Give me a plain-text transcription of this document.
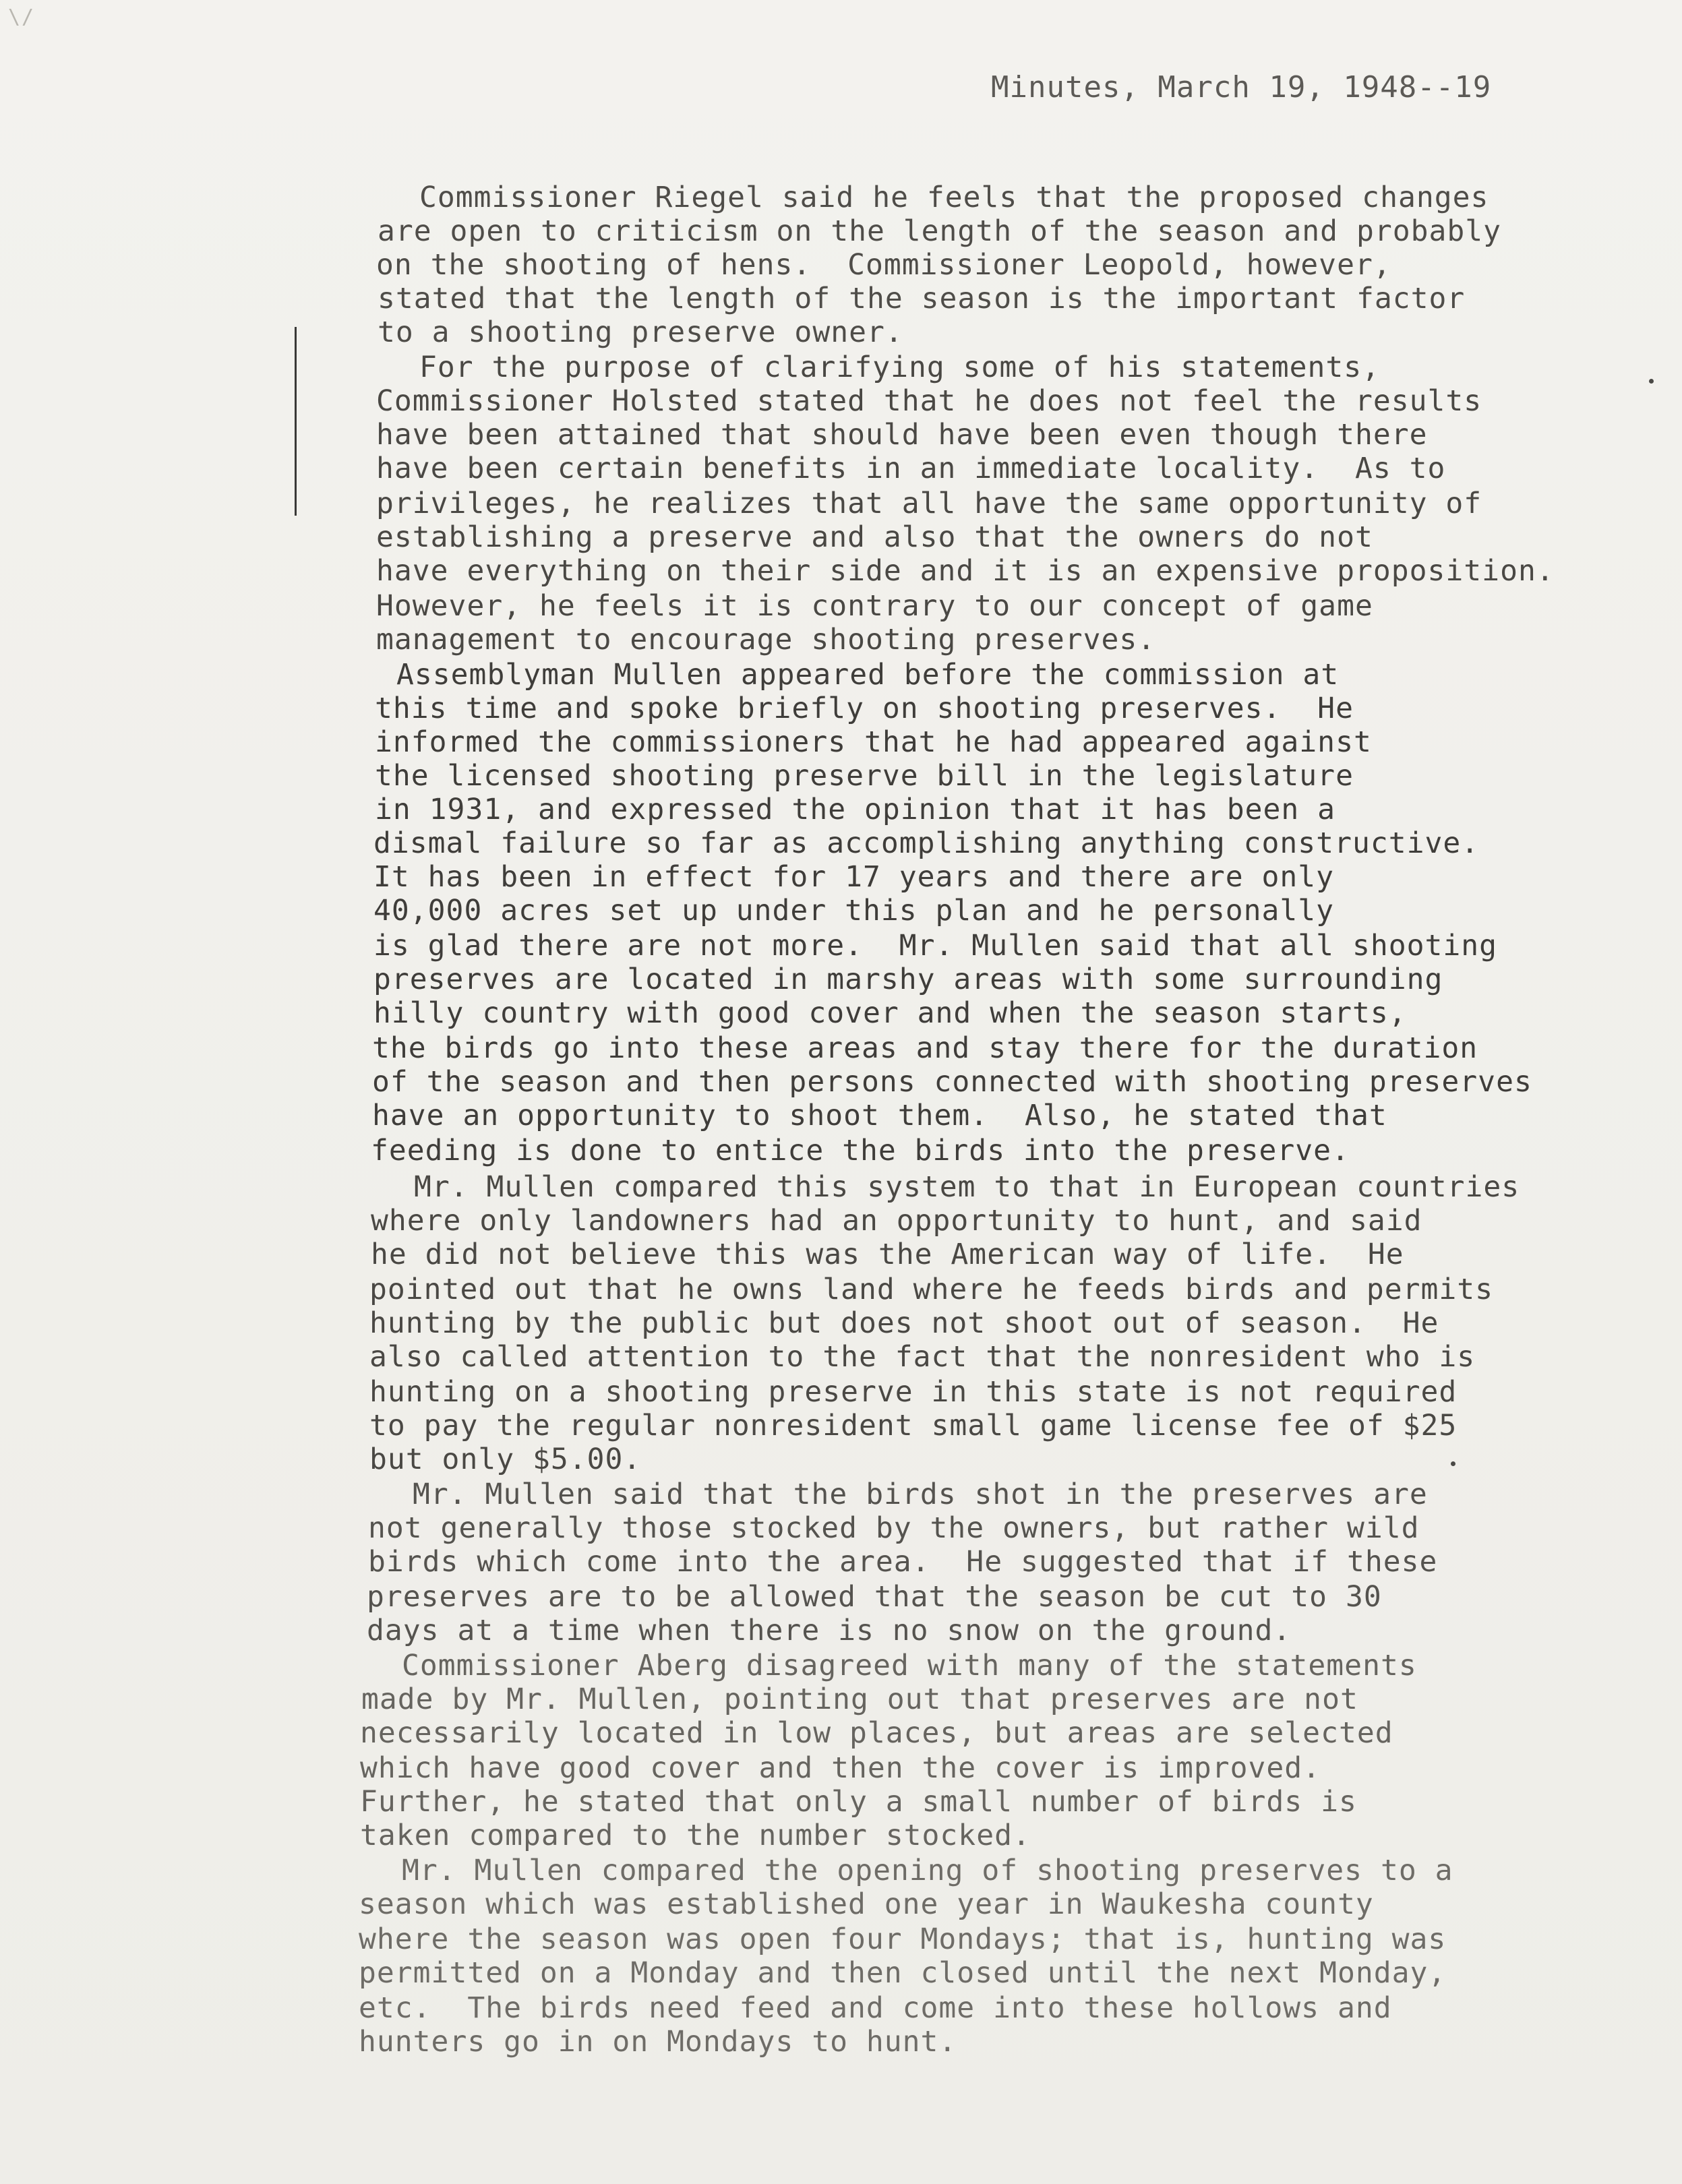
\/
Minutes, March 19, 1948--19

Commissioner Riegel said he feels that the proposed changes

are open to criticism on the length of the season and probably

on the shooting of hens.  Commissioner Leopold, however,

stated that the length of the season is the important factor

to a shooting preserve owner.

For the purpose of clarifying some of his statements,

Commissioner Holsted stated that he does not feel the results

have been attained that should have been even though there

have been certain benefits in an immediate locality.  As to

privileges, he realizes that all have the same opportunity of

establishing a preserve and also that the owners do not

have everything on their side and it is an expensive proposition.

However, he feels it is contrary to our concept of game

management to encourage shooting preserves.

Assemblyman Mullen appeared before the commission at

this time and spoke briefly on shooting preserves.  He

informed the commissioners that he had appeared against

the licensed shooting preserve bill in the legislature

in 1931, and expressed the opinion that it has been a

dismal failure so far as accomplishing anything constructive.

It has been in effect for 17 years and there are only

40,000 acres set up under this plan and he personally

is glad there are not more.  Mr. Mullen said that all shooting

preserves are located in marshy areas with some surrounding

hilly country with good cover and when the season starts,

the birds go into these areas and stay there for the duration

of the season and then persons connected with shooting preserves

have an opportunity to shoot them.  Also, he stated that

feeding is done to entice the birds into the preserve.

Mr. Mullen compared this system to that in European countries

where only landowners had an opportunity to hunt, and said

he did not believe this was the American way of life.  He

pointed out that he owns land where he feeds birds and permits

hunting by the public but does not shoot out of season.  He

also called attention to the fact that the nonresident who is

hunting on a shooting preserve in this state is not required

to pay the regular nonresident small game license fee of $25

but only $5.00.

Mr. Mullen said that the birds shot in the preserves are

not generally those stocked by the owners, but rather wild

birds which come into the area.  He suggested that if these

preserves are to be allowed that the season be cut to 30

days at a time when there is no snow on the ground.

Commissioner Aberg disagreed with many of the statements

made by Mr. Mullen, pointing out that preserves are not

necessarily located in low places, but areas are selected

which have good cover and then the cover is improved.

Further, he stated that only a small number of birds is

taken compared to the number stocked.

Mr. Mullen compared the opening of shooting preserves to a

season which was established one year in Waukesha county

where the season was open four Mondays; that is, hunting was

permitted on a Monday and then closed until the next Monday,

etc.  The birds need feed and come into these hollows and

hunters go in on Mondays to hunt.
